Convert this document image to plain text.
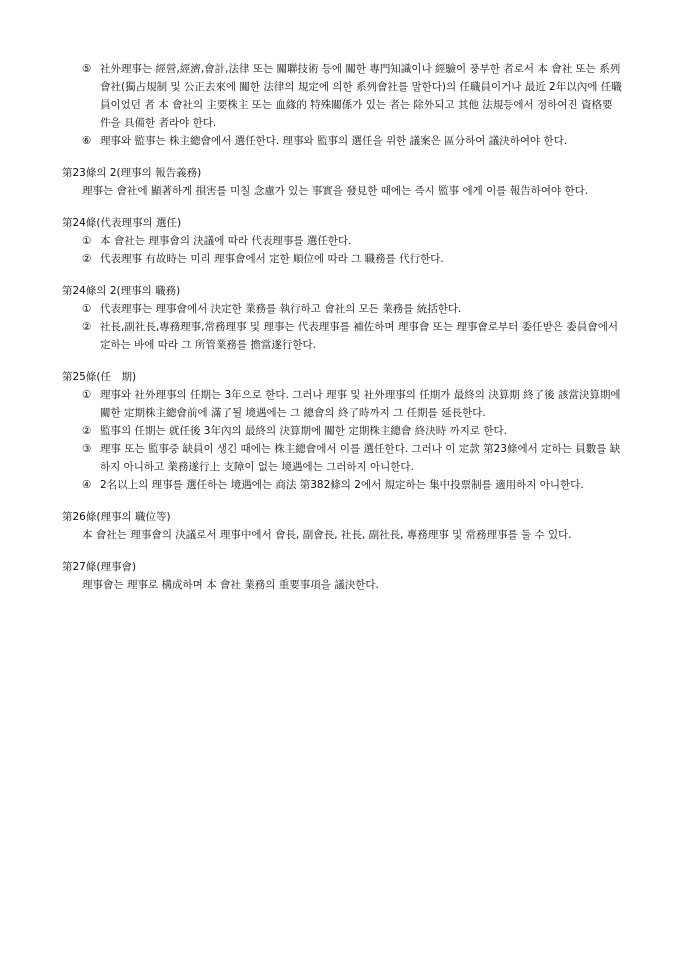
⑤ 社外理事는 經營,經濟,會計,法律 또는 關聯技術 등에 關한 專門知識이나 經驗이 풍부한 者로서 本 會社 또는 系列會社(獨占規制 및 公正去來에 關한 法律의 規定에 의한 系列會社를 말한다)의 任職員이거나 最近 2年以內에 任職員이었던 者 本 會社의 主要株主 또는 血緣的 特殊關係가 있는 者는 除外되고 其他 法規등에서 정하여진 資格要件을 具備한 者라야 한다.
⑥ 理事와 監事는 株主總會에서 選任한다. 理事와 監事의 選任을 위한 議案은 區分하여 議決하여야 한다.
第23條의 2(理事의 報告義務)
理事는 會社에 顯著하게 損害를 미칠 念慮가 있는 事實을 發見한 때에는 즉시 監事 에게 이를 報告하여야 한다.
第24條(代表理事의 選任)
① 本 會社는 理事會의 決議에 따라 代表理事를 選任한다.
② 代表理事 有故時는 미리 理事會에서 定한 順位에 따라 그 職務를 代行한다.
第24條의 2(理事의 職務)
① 代表理事는 理事會에서 決定한 業務를 執行하고 會社의 모든 業務를 統括한다.
② 社長,副社長,專務理事,常務理事 및 理事는 代表理事를 補佐하며 理事會 또는 理事會로부터 委任받은 委員會에서 定하는 바에 따라 그 所管業務를 擔當遂行한다.
第25條(任　期)
① 理事와 社外理事의 任期는 3年으로 한다. 그러나 理事 및 社外理事의 任期가 最終의 決算期 終了後 該當決算期에 關한 定期株主總會前에 滿了될 境遇에는 그 總會의 終了時까지 그 任期를 延長한다.
② 監事의 任期는 就任後 3年內의 最終의 決算期에 關한 定期株主總會 終決時 까지로 한다.
③ 理事 또는 監事중 缺員이 생긴 때에는 株主總會에서 이를 選任한다. 그러나 이 定款 第23條에서 定하는 員數를 缺하지 아니하고 業務遂行上 支障이 없는 境遇에는 그러하지 아니한다.
④ 2名以上의 理事를 選任하는 境遇에는 商法 第382條의 2에서 規定하는 集中投票制를 適用하지 아니한다.
第26條(理事의 職位等)
本 會社는 理事會의 決議로서 理事中에서 會長, 副會長, 社長, 副社長, 專務理事 및 常務理事를 둘 수 있다.
第27條(理事會)
理事會는 理事로 構成하며 本 會社 業務의 重要事項을 議決한다.
